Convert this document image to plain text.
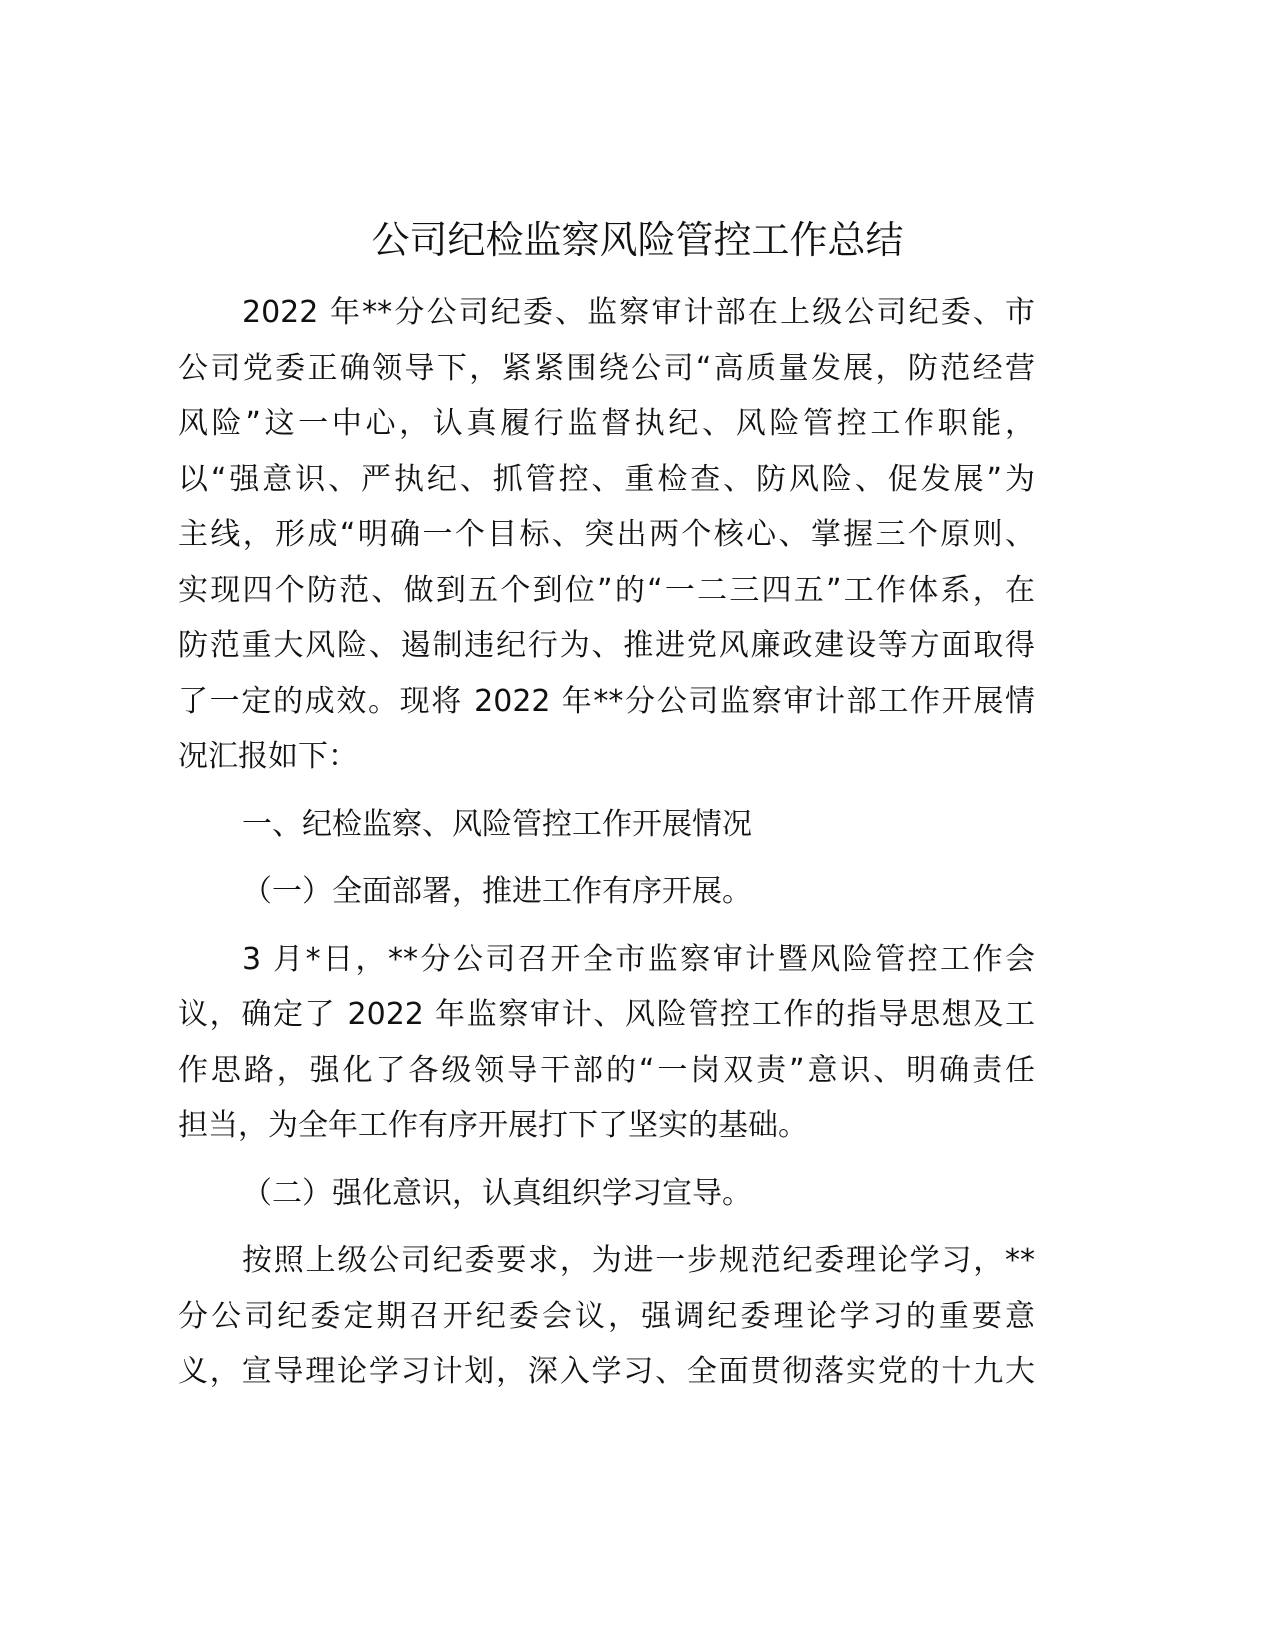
公司纪检监察风险管控工作总结
2022 年**分公司纪委、监察审计部在上级公司纪委、市
公司党委正确领导下，紧紧围绕公司“高质量发展，防范经营
风险”这一中心，认真履行监督执纪、风险管控工作职能，
以“强意识、严执纪、抓管控、重检查、防风险、促发展”为
主线，形成“明确一个目标、突出两个核心、掌握三个原则、
实现四个防范、做到五个到位”的“一二三四五”工作体系，在
防范重大风险、遏制违纪行为、推进党风廉政建设等方面取得
了一定的成效。现将 2022 年**分公司监察审计部工作开展情
况汇报如下：
一、纪检监察、风险管控工作开展情况
（一）全面部署，推进工作有序开展。
3 月*日，**分公司召开全市监察审计暨风险管控工作会
议，确定了 2022 年监察审计、风险管控工作的指导思想及工
作思路，强化了各级领导干部的“一岗双责”意识、明确责任
担当，为全年工作有序开展打下了坚实的基础。
（二）强化意识，认真组织学习宣导。
按照上级公司纪委要求，为进一步规范纪委理论学习，**
分公司纪委定期召开纪委会议，强调纪委理论学习的重要意
义，宣导理论学习计划，深入学习、全面贯彻落实党的十九大
